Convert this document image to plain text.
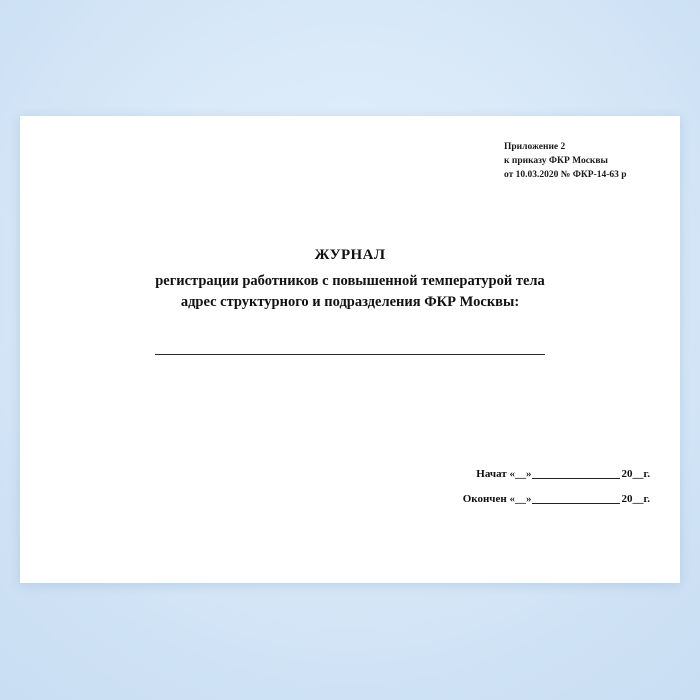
Приложение 2
к приказу ФКР Москвы
от 10.03.2020 № ФКР-14-63 р
ЖУРНАЛ
регистрации работников с повышенной температурой тела
адрес структурного и подразделения ФКР Москвы:
Начат «__»	20__г.
Окончен «__»	20__г.
